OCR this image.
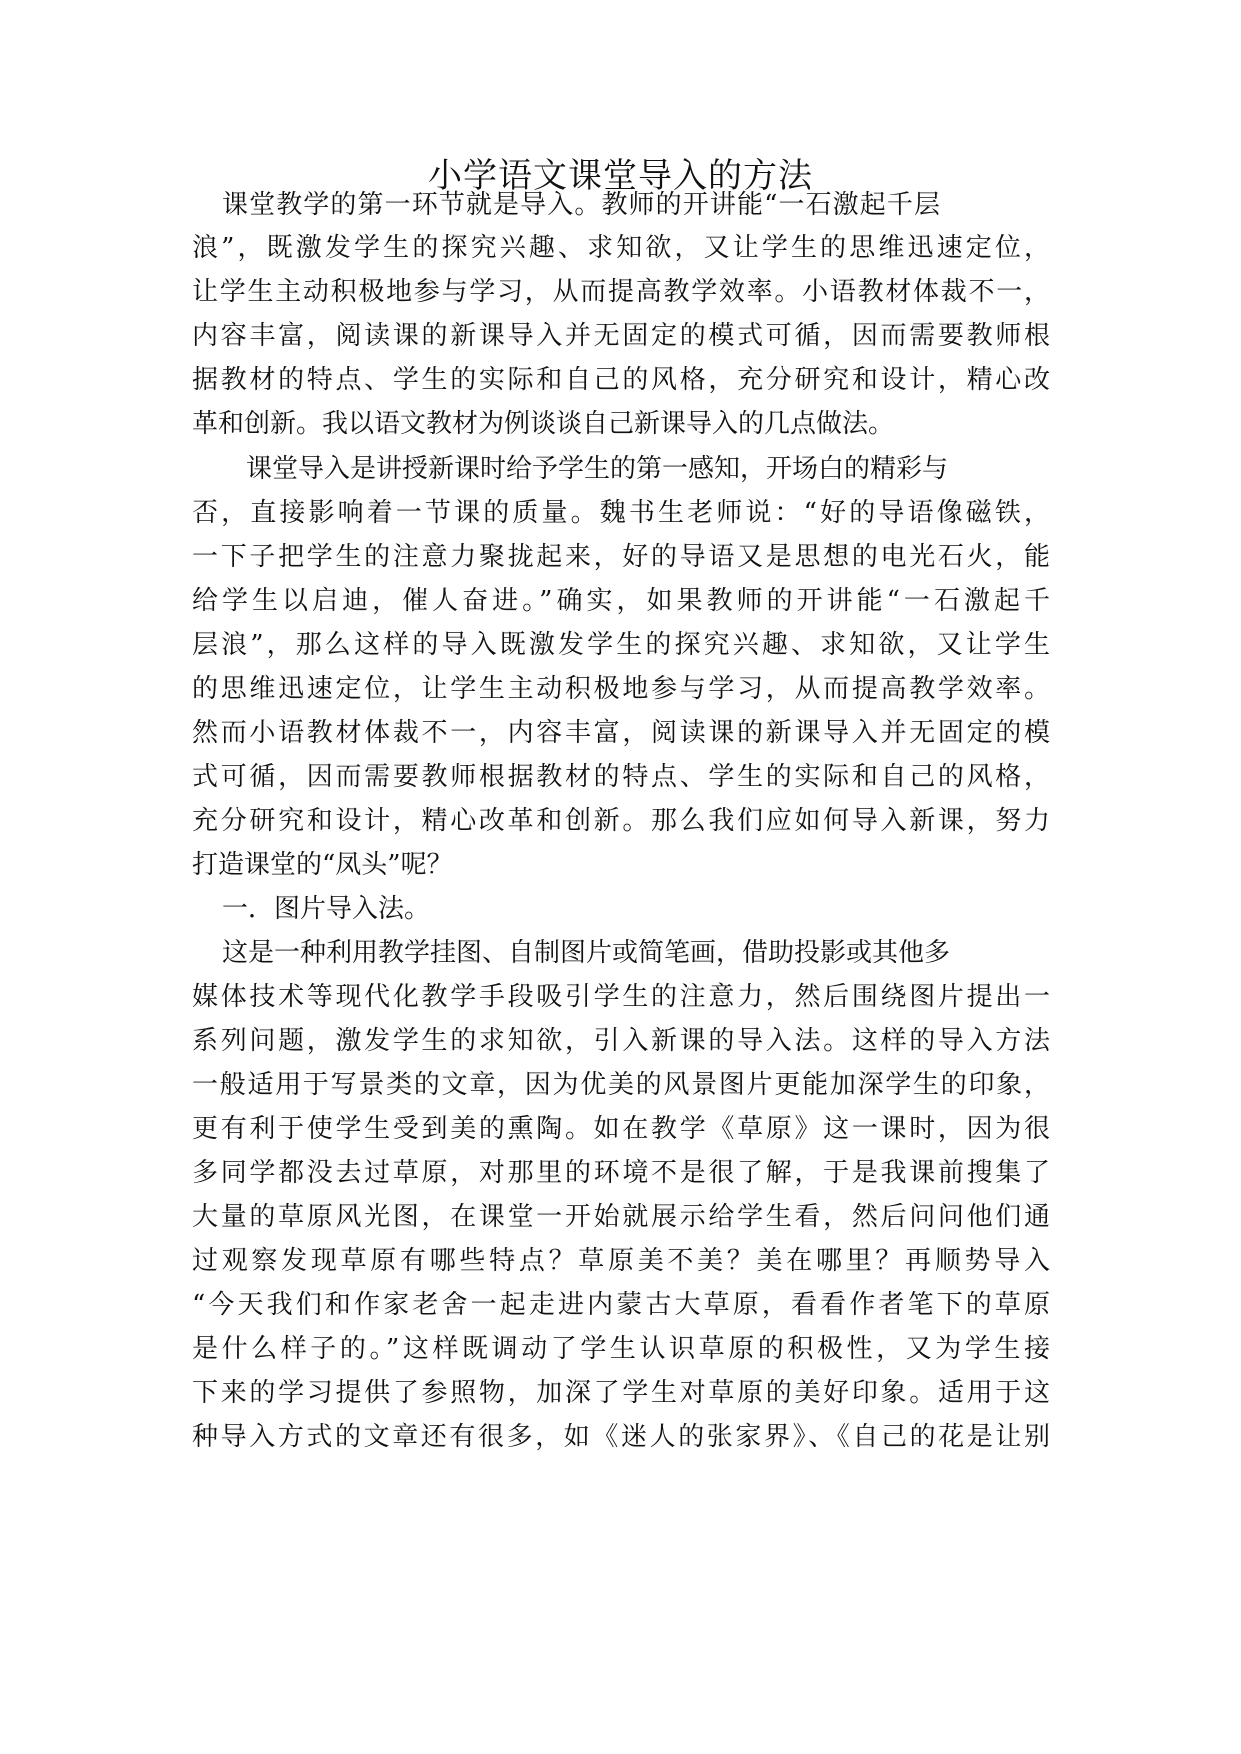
小学语文课堂导入的方法
课堂教学的第一环节就是导入。教师的开讲能“一石激起千层
浪”，既激发学生的探究兴趣、求知欲，又让学生的思维迅速定位，
让学生主动积极地参与学习，从而提高教学效率。小语教材体裁不一，
内容丰富，阅读课的新课导入并无固定的模式可循，因而需要教师根
据教材的特点、学生的实际和自己的风格，充分研究和设计，精心改
革和创新。我以语文教材为例谈谈自己新课导入的几点做法。
课堂导入是讲授新课时给予学生的第一感知，开场白的精彩与
否，直接影响着一节课的质量。魏书生老师说：“好的导语像磁铁，
一下子把学生的注意力聚拢起来，好的导语又是思想的电光石火，能
给学生以启迪，催人奋进。”确实，如果教师的开讲能“一石激起千
层浪”，那么这样的导入既激发学生的探究兴趣、求知欲，又让学生
的思维迅速定位，让学生主动积极地参与学习，从而提高教学效率。
然而小语教材体裁不一，内容丰富，阅读课的新课导入并无固定的模
式可循，因而需要教师根据教材的特点、学生的实际和自己的风格，
充分研究和设计，精心改革和创新。那么我们应如何导入新课，努力
打造课堂的“凤头”呢？
一．图片导入法。
这是一种利用教学挂图、自制图片或简笔画，借助投影或其他多
媒体技术等现代化教学手段吸引学生的注意力，然后围绕图片提出一
系列问题，激发学生的求知欲，引入新课的导入法。这样的导入方法
一般适用于写景类的文章，因为优美的风景图片更能加深学生的印象，
更有利于使学生受到美的熏陶。如在教学《草原》这一课时，因为很
多同学都没去过草原，对那里的环境不是很了解，于是我课前搜集了
大量的草原风光图，在课堂一开始就展示给学生看，然后问问他们通
过观察发现草原有哪些特点？草原美不美？美在哪里？再顺势导入
“今天我们和作家老舍一起走进内蒙古大草原，看看作者笔下的草原
是什么样子的。”这样既调动了学生认识草原的积极性，又为学生接
下来的学习提供了参照物，加深了学生对草原的美好印象。适用于这
种导入方式的文章还有很多，如《迷人的张家界》、《自己的花是让别
